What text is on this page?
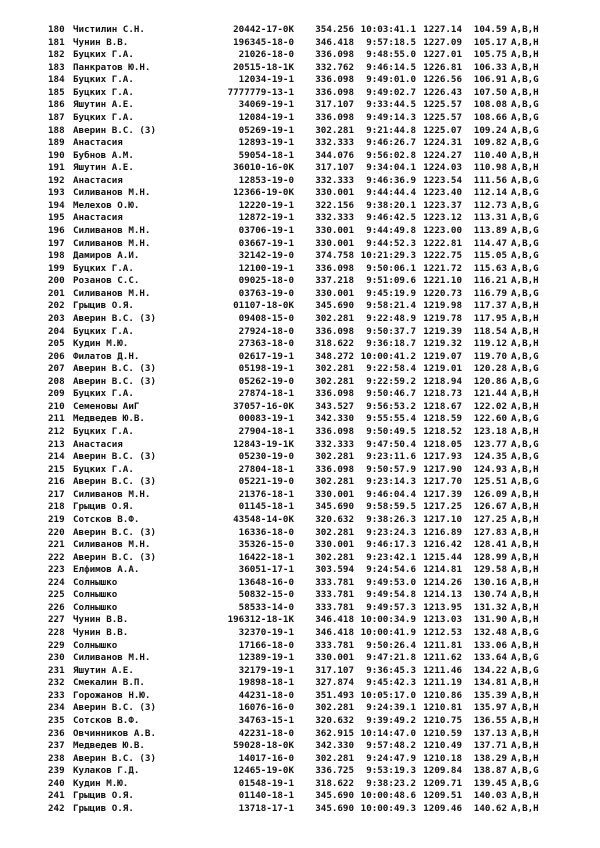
180 Чистилин С.Н.	20442-17-0К	354.256 10:03:41.1 1227.14	104.59 A,B,H
181 Чунин В.В.	196345-18-0	346.418	9:57:18.5 1227.09	105.17 A,B,H
182 Буцких Г.А.	21026-18-0	336.098	9:48:55.0 1227.01	105.75 A,B,H
183 Панкратов Ю.Н.	20515-18-1К	332.762	9:46:14.5 1226.81	106.33 A,B,H
184 Буцких Г.А.	12034-19-1	336.098	9:49:01.0 1226.56	106.91 A,B,G
185 Буцких Г.А.	7777779-13-1	336.098	9:49:02.7 1226.43	107.50 A,B,H
186 Яшутин А.Е.	34069-19-1	317.107	9:33:44.5 1225.57	108.08 A,B,G
187 Буцких Г.А.	12084-19-1	336.098	9:49:14.3 1225.57	108.66 A,B,G
188 Аверин В.С. (3)	05269-19-1	302.281	9:21:44.8 1225.07	109.24 A,B,G
189 Анастасия	12893-19-1	332.333	9:46:26.7 1224.31	109.82 A,B,G
190 Бубнов А.М.	59054-18-1	344.076	9:56:02.8 1224.27	110.40 A,B,H
191 Яшутин А.Е.	36010-16-0К	317.107	9:34:04.1 1224.03	110.98 A,B,H
192 Анастасия	12853-19-0	332.333	9:46:36.9 1223.54	111.56 A,B,G
193 Силиванов М.Н.	12366-19-0К	330.001	9:44:44.4 1223.40	112.14 A,B,G
194 Мелехов О.Ю.	12220-19-1	322.156	9:38:20.1 1223.37	112.73 A,B,G
195 Анастасия	12872-19-1	332.333	9:46:42.5 1223.12	113.31 A,B,G
196 Силиванов М.Н.	03706-19-1	330.001	9:44:49.8 1223.00	113.89 A,B,G
197 Силиванов М.Н.	03667-19-1	330.001	9:44:52.3 1222.81	114.47 A,B,G
198 Дамиров А.И.	32142-19-0	374.758 10:21:29.3 1222.75	115.05 A,B,G
199 Буцких Г.А.	12100-19-1	336.098	9:50:06.1 1221.72	115.63 A,B,G
200 Розанов С.С.	09025-18-0	337.218	9:51:09.6 1221.10	116.21 A,B,H
201 Силиванов М.Н.	03763-19-0	330.001	9:45:19.9 1220.73	116.79 A,B,G
202 Грыцив О.Я.	01107-18-0К	345.690	9:58:21.4 1219.98	117.37 A,B,H
203 Аверин В.С. (3)	09408-15-0	302.281	9:22:48.9 1219.78	117.95 A,B,H
204 Буцких Г.А.	27924-18-0	336.098	9:50:37.7 1219.39	118.54 A,B,H
205 Кудин М.Ю.	27363-18-0	318.622	9:36:18.7 1219.32	119.12 A,B,H
206 Филатов Д.Н.	02617-19-1	348.272 10:00:41.2 1219.07	119.70 A,B,G
207 Аверин В.С. (3)	05198-19-1	302.281	9:22:58.4 1219.01	120.28 A,B,G
208 Аверин В.С. (3)	05262-19-0	302.281	9:22:59.2 1218.94	120.86 A,B,G
209 Буцких Г.А.	27874-18-1	336.098	9:50:46.7 1218.73	121.44 A,B,H
210 Семеновы АиГ	37057-16-0К	343.527	9:56:53.2 1218.67	122.02 A,B,H
211 Медведев Ю.В.	00083-19-1	342.330	9:55:55.4 1218.59	122.60 A,B,G
212 Буцких Г.А.	27904-18-1	336.098	9:50:49.5 1218.52	123.18 A,B,H
213 Анастасия	12843-19-1К	332.333	9:47:50.4 1218.05	123.77 A,B,G
214 Аверин В.С. (3)	05230-19-0	302.281	9:23:11.6 1217.93	124.35 A,B,G
215 Буцких Г.А.	27804-18-1	336.098	9:50:57.9 1217.90	124.93 A,B,H
216 Аверин В.С. (3)	05221-19-0	302.281	9:23:14.3 1217.70	125.51 A,B,G
217 Силиванов М.Н.	21376-18-1	330.001	9:46:04.4 1217.39	126.09 A,B,H
218 Грыцив О.Я.	01145-18-1	345.690	9:58:59.5 1217.25	126.67 A,B,H
219 Сотсков В.Ф.	43548-14-0К	320.632	9:38:26.3 1217.10	127.25 A,B,H
220 Аверин В.С. (3)	16336-18-0	302.281	9:23:24.3 1216.89	127.83 A,B,H
221 Силиванов М.Н.	35326-15-0	330.001	9:46:17.3 1216.42	128.41 A,B,H
222 Аверин В.С. (3)	16422-18-1	302.281	9:23:42.1 1215.44	128.99 A,B,H
223 Елфимов А.А.	36051-17-1	303.594	9:24:54.6 1214.81	129.58 A,B,H
224 Солнышко	13648-16-0	333.781	9:49:53.0 1214.26	130.16 A,B,H
225 Солнышко	50832-15-0	333.781	9:49:54.8 1214.13	130.74 A,B,H
226 Солнышко	58533-14-0	333.781	9:49:57.3 1213.95	131.32 A,B,H
227 Чунин В.В.	196312-18-1К	346.418 10:00:34.9 1213.03	131.90 A,B,H
228 Чунин В.В.	32370-19-1	346.418 10:00:41.9 1212.53	132.48 A,B,G
229 Солнышко	17166-18-0	333.781	9:50:26.4 1211.81	133.06 A,B,H
230 Силиванов М.Н.	12389-19-1	330.001	9:47:21.8 1211.62	133.64 A,B,G
231 Яшутин А.Е.	32179-19-1	317.107	9:36:45.3 1211.46	134.22 A,B,G
232 Смекалин В.П.	19898-18-1	327.874	9:45:42.3 1211.19	134.81 A,B,H
233 Горожанов Н.Ю.	44231-18-0	351.493 10:05:17.0 1210.86	135.39 A,B,H
234 Аверин В.С. (3)	16076-16-0	302.281	9:24:39.1 1210.81	135.97 A,B,H
235 Сотсков В.Ф.	34763-15-1	320.632	9:39:49.2 1210.75	136.55 A,B,H
236 Овчинников А.В.	42231-18-0	362.915 10:14:47.0 1210.59	137.13 A,B,H
237 Медведев Ю.В.	59028-18-0К	342.330	9:57:48.2 1210.49	137.71 A,B,H
238 Аверин В.С. (3)	14017-16-0	302.281	9:24:47.9 1210.18	138.29 A,B,H
239 Кулаков Г.Д.	12465-19-0К	336.725	9:53:19.3 1209.84	138.87 A,B,G
240 Кудин М.Ю.	01548-19-1	318.622	9:38:23.2 1209.71	139.45 A,B,G
241 Грыцив О.Я.	01140-18-1	345.690 10:00:48.6 1209.51	140.03 A,B,H
242 Грыцив О.Я.	13718-17-1	345.690 10:00:49.3 1209.46	140.62 A,B,H
